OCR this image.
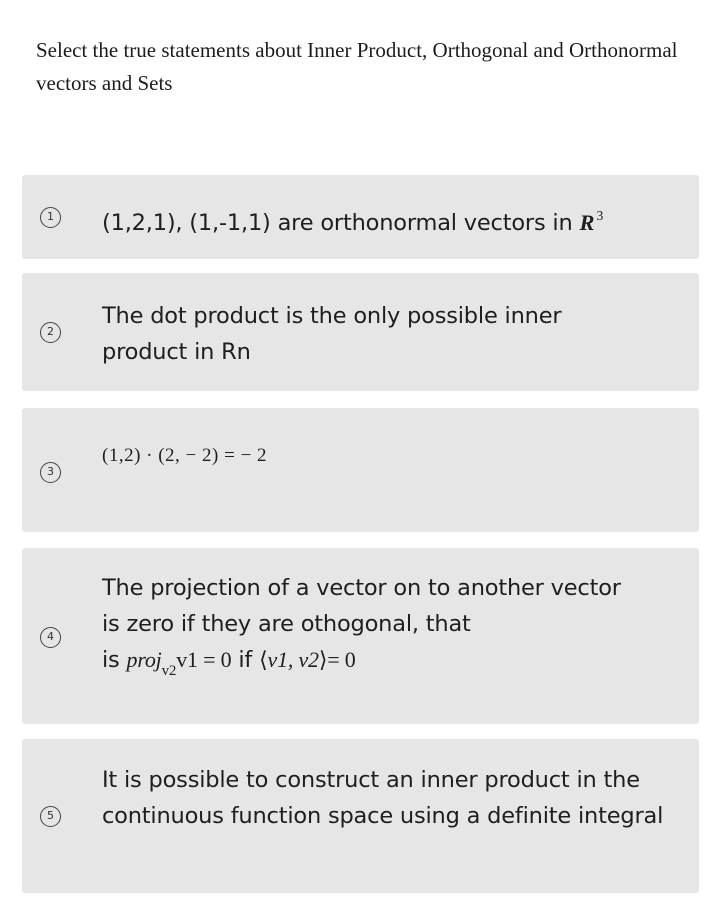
Select the true statements about Inner Product, Orthogonal and Orthonormal vectors and Sets
1	(1,2,1), (1,-1,1) are orthonormal vectors in R $^3$
2
The dot product is the only possible inner product in Rn
3
(1,2) · (2, − 2) = − 2
4
The projection of a vector on to another vector is zero if they are othogonal, that
is proj$_{v2}$v1 = 0 if ⟨v1, v2⟩= 0
5
It is possible to construct an inner product in the continuous function space using a definite integral
